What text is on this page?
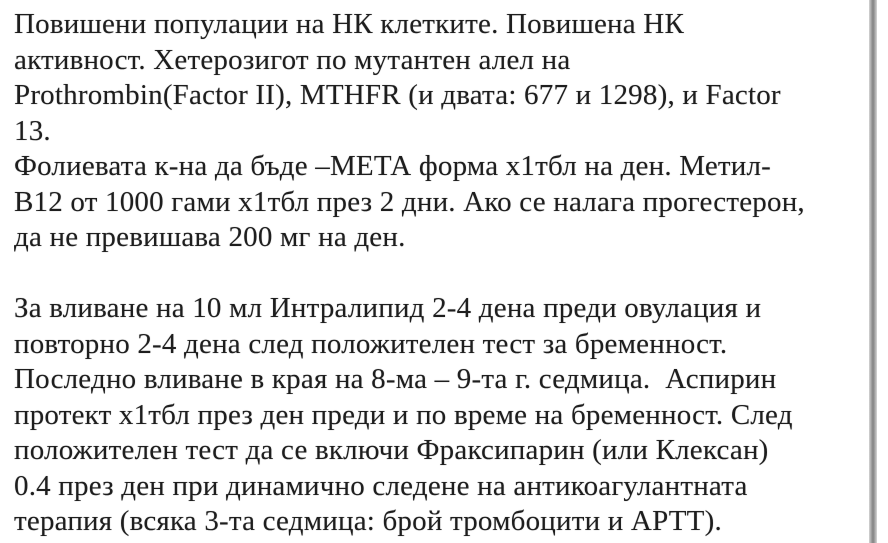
Повишени популации на НК клетките. Повишена НК
активност. Хетерозигот по мутантен алел на
Prothrombin(Factor II), MTHFR (и двата: 677 и 1298), и Factor
13.
Фолиевата к-на да бъде –МЕТА форма х1тбл на ден. Метил-
В12 от 1000 гами х1тбл през 2 дни. Ако се налага прогестерон,
да не превишава 200 мг на ден.
За вливане на 10 мл Интралипид 2-4 дена преди овулация и
повторно 2-4 дена след положителен тест за бременност.
Последно вливане в края на 8-ма – 9-та г. седмица.  Аспирин
протект х1тбл през ден преди и по време на бременност. След
положителен тест да се включи Фраксипарин (или Клексан)
0.4 през ден при динамично следене на антикоагулантната
терапия (всяка 3-та седмица: брой тромбоцити и АРТТ).
